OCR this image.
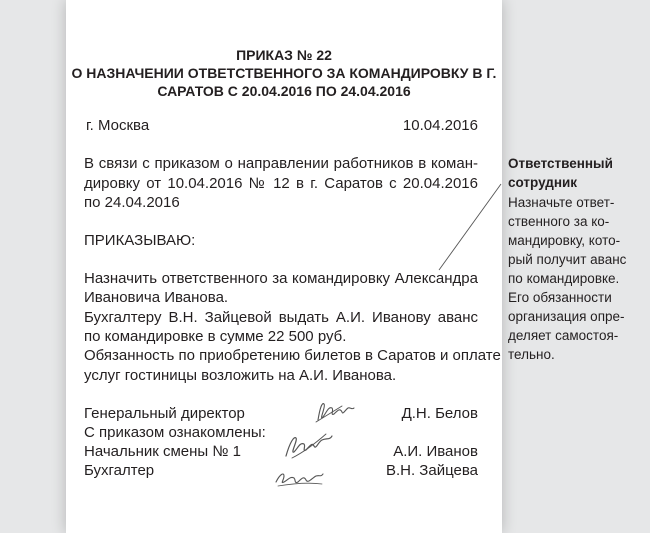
ПРИКАЗ № 22
О НАЗНАЧЕНИИ ОТВЕТСТВЕННОГО ЗА КОМАНДИРОВКУ В Г.
САРАТОВ С 20.04.2016 ПО 24.04.2016
г. Москва	10.04.2016
В связи с приказом о направлении работников в коман-
дировку от 10.04.2016 № 12 в г. Саратов с 20.04.2016
по 24.04.2016
ПРИКАЗЫВАЮ:
Назначить ответственного за командировку Александра
Ивановича Иванова.
Бухгалтеру В.Н. Зайцевой выдать А.И. Иванову аванс
по командировке в сумме 22 500 руб.
Обязанность по приобретению билетов в Саратов и оплате
услуг гостиницы возложить на А.И. Иванова.
Генеральный директор	Д.Н. Белов
С приказом ознакомлены:
Начальник смены № 1	А.И. Иванов
Бухгалтер	В.Н. Зайцева
Ответственный
сотрудник
Назначьте ответ-
ственного за ко-
мандировку, кото-
рый получит аванс
по командировке.
Его обязанности
организация опре-
деляет самостоя-
тельно.
